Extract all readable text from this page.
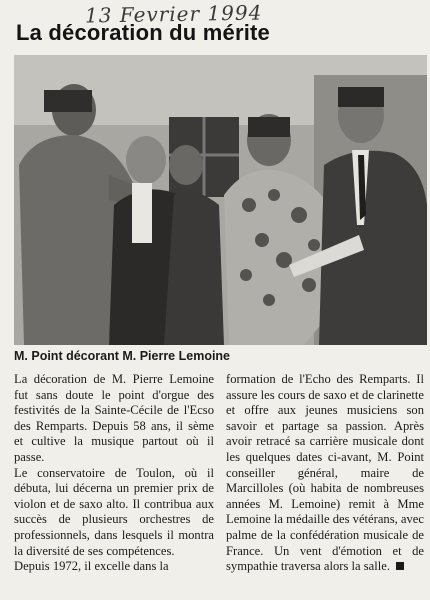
13 Fevrier 1994
La décoration du mérite
M. Point décorant M. Pierre Lemoine

La décoration de M. Pierre Lemoine fut sans doute le point d'orgue des festivités de la Sainte-Cécile de l'Ecso des Remparts. Depuis 58 ans, il sème et cultive la musique partout où il passe.

Le conservatoire de Toulon, où il débuta, lui décerna un premier prix de violon et de saxo alto. Il contribua aux succès de plusieurs orchestres de professionnels, dans lesquels il montra la diversité de ses compétences.

Depuis 1972, il excelle dans la

formation de l'Echo des Remparts. Il assure les cours de saxo et de clarinette et offre aux jeunes musiciens son savoir et partage sa passion. Après avoir retracé sa carrière musicale dont les quelques dates ci-avant, M. Point conseiller général, maire de Marcilloles (où habita de nombreuses années M. Lemoine) remit à Mme Lemoine la médaille des vétérans, avec palme de la confédération musicale de France. Un vent d'émotion et de sympathie traversa alors la salle.
